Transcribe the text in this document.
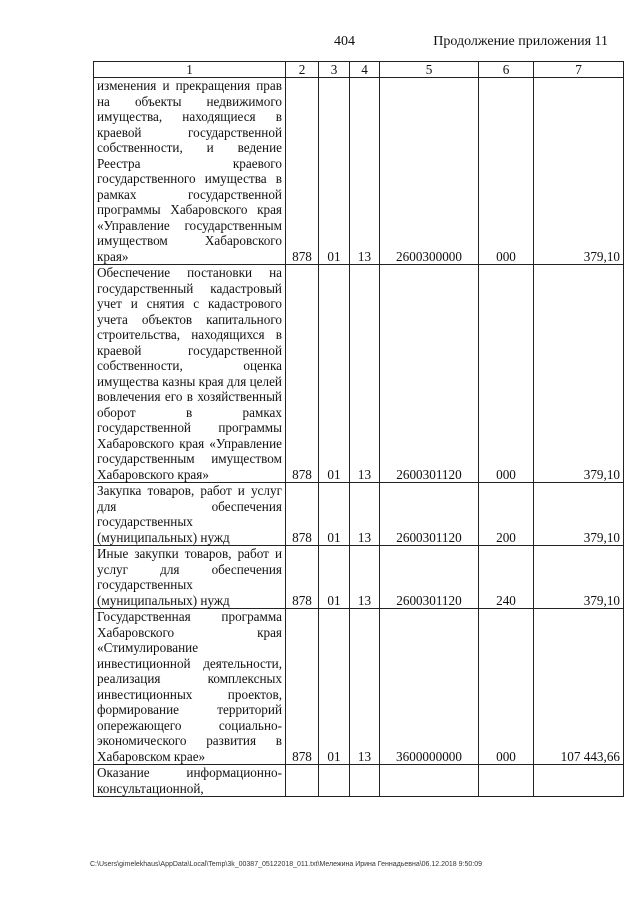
404	Продолжение приложения 11
1	2	3	4	5	6	7
изменения и прекращения прав на объекты недвижимого имущества, находящиеся в краевой государственной собственности, и ведение Реестра краевого государственного имущества в рамках государственной программы Хабаровского края «Управление государственным имуществом Хабаровского края»	878	01	13	2600300000	000	379,10
Обеспечение постановки на государственный кадастровый учет и снятия с кадастрового учета объектов капитального строительства, находящихся в краевой государственной собственности, оценка имущества казны края для целей вовлечения его в хозяйственный оборот в рамках государственной программы Хабаровского края «Управление государственным имуществом Хабаровского края»	878	01	13	2600301120	000	379,10
Закупка товаров, работ и услуг для обеспечения государственных (муниципальных) нужд	878	01	13	2600301120	200	379,10
Иные закупки товаров, работ и услуг для обеспечения государственных (муниципальных) нужд	878	01	13	2600301120	240	379,10
Государственная программа Хабаровского края «Стимулирование инвестиционной деятельности, реализация комплексных инвестиционных проектов, формирование территорий опережающего социально-экономического развития в Хабаровском крае»	878	01	13	3600000000	000	107 443,66
Оказание информационно-консультационной,						
C:\Users\gimelekhaus\AppData\Local\Temp\3k_00387_05122018_011.txt\Мележина Ирина Геннадьевна\06.12.2018 9:50:09
